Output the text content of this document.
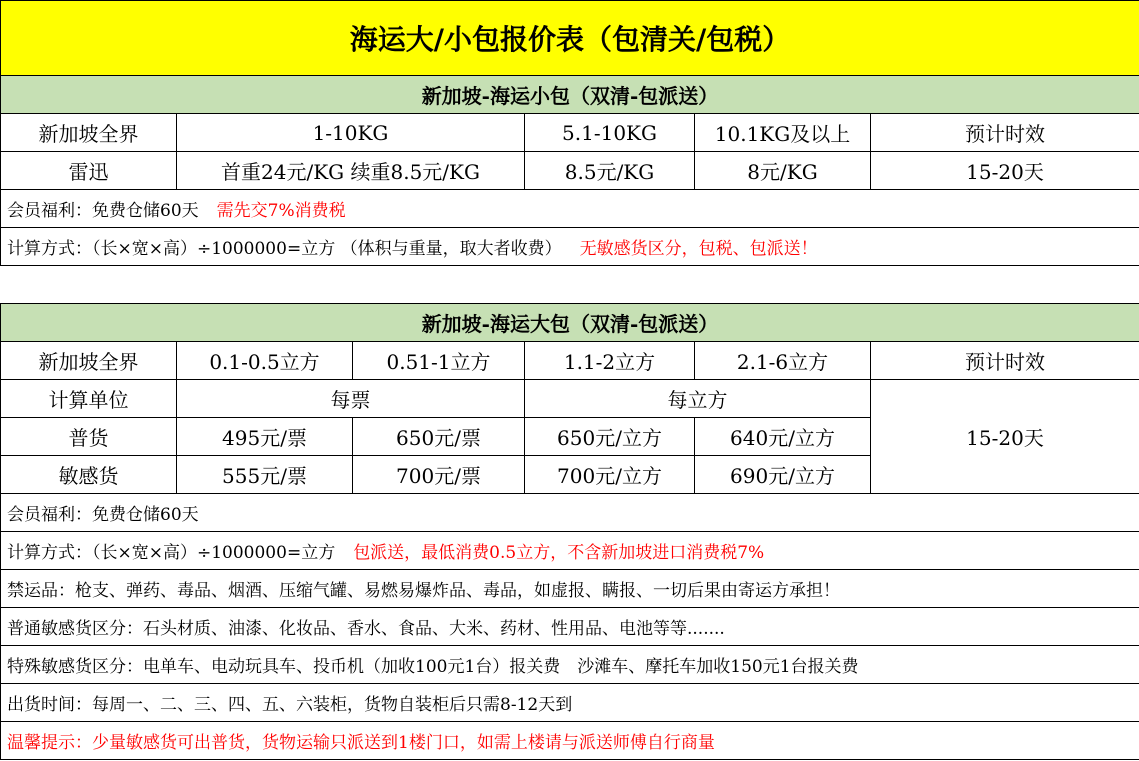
海运大/小包报价表（包清关/包税）					
新加坡-海运小包（双清-包派送）					
新加坡全界	1-10KG		5.1-10KG	10.1KG及以上	预计时效
雷迅	首重24元/KG 续重8.5元/KG		8.5元/KG	8元/KG	15-20天
会员福利：免费仓储60天 需先交7%消费税					
计算方式：（长×宽×高）÷1000000=立方 （体积与重量，取大者收费） 无敏感货区分，包税、包派送！					

新加坡-海运大包（双清-包派送）					
新加坡全界	0.1-0.5立方	0.51-1立方	1.1-2立方	2.1-6立方	预计时效
计算单位	每票		每立方		15-20天
普货	495元/票	650元/票	650元/立方	640元/立方	
敏感货	555元/票	700元/票	700元/立方	690元/立方	
会员福利：免费仓储60天					
计算方式：（长×宽×高）÷1000000=立方 包派送，最低消费0.5立方，不含新加坡进口消费税7%					
禁运品：枪支、弹药、毒品、烟酒、压缩气罐、易燃易爆炸品、毒品，如虚报、瞒报、一切后果由寄运方承担！					
普通敏感货区分：石头材质、油漆、化妆品、香水、食品、大米、药材、性用品、电池等等.......					
特殊敏感货区分：电单车、电动玩具车、投币机（加收100元1台）报关费　沙滩车、摩托车加收150元1台报关费					
出货时间：每周一、二、三、四、五、六装柜，货物自装柜后只需8-12天到					
温馨提示：少量敏感货可出普货，货物运输只派送到1楼门口，如需上楼请与派送师傅自行商量					
